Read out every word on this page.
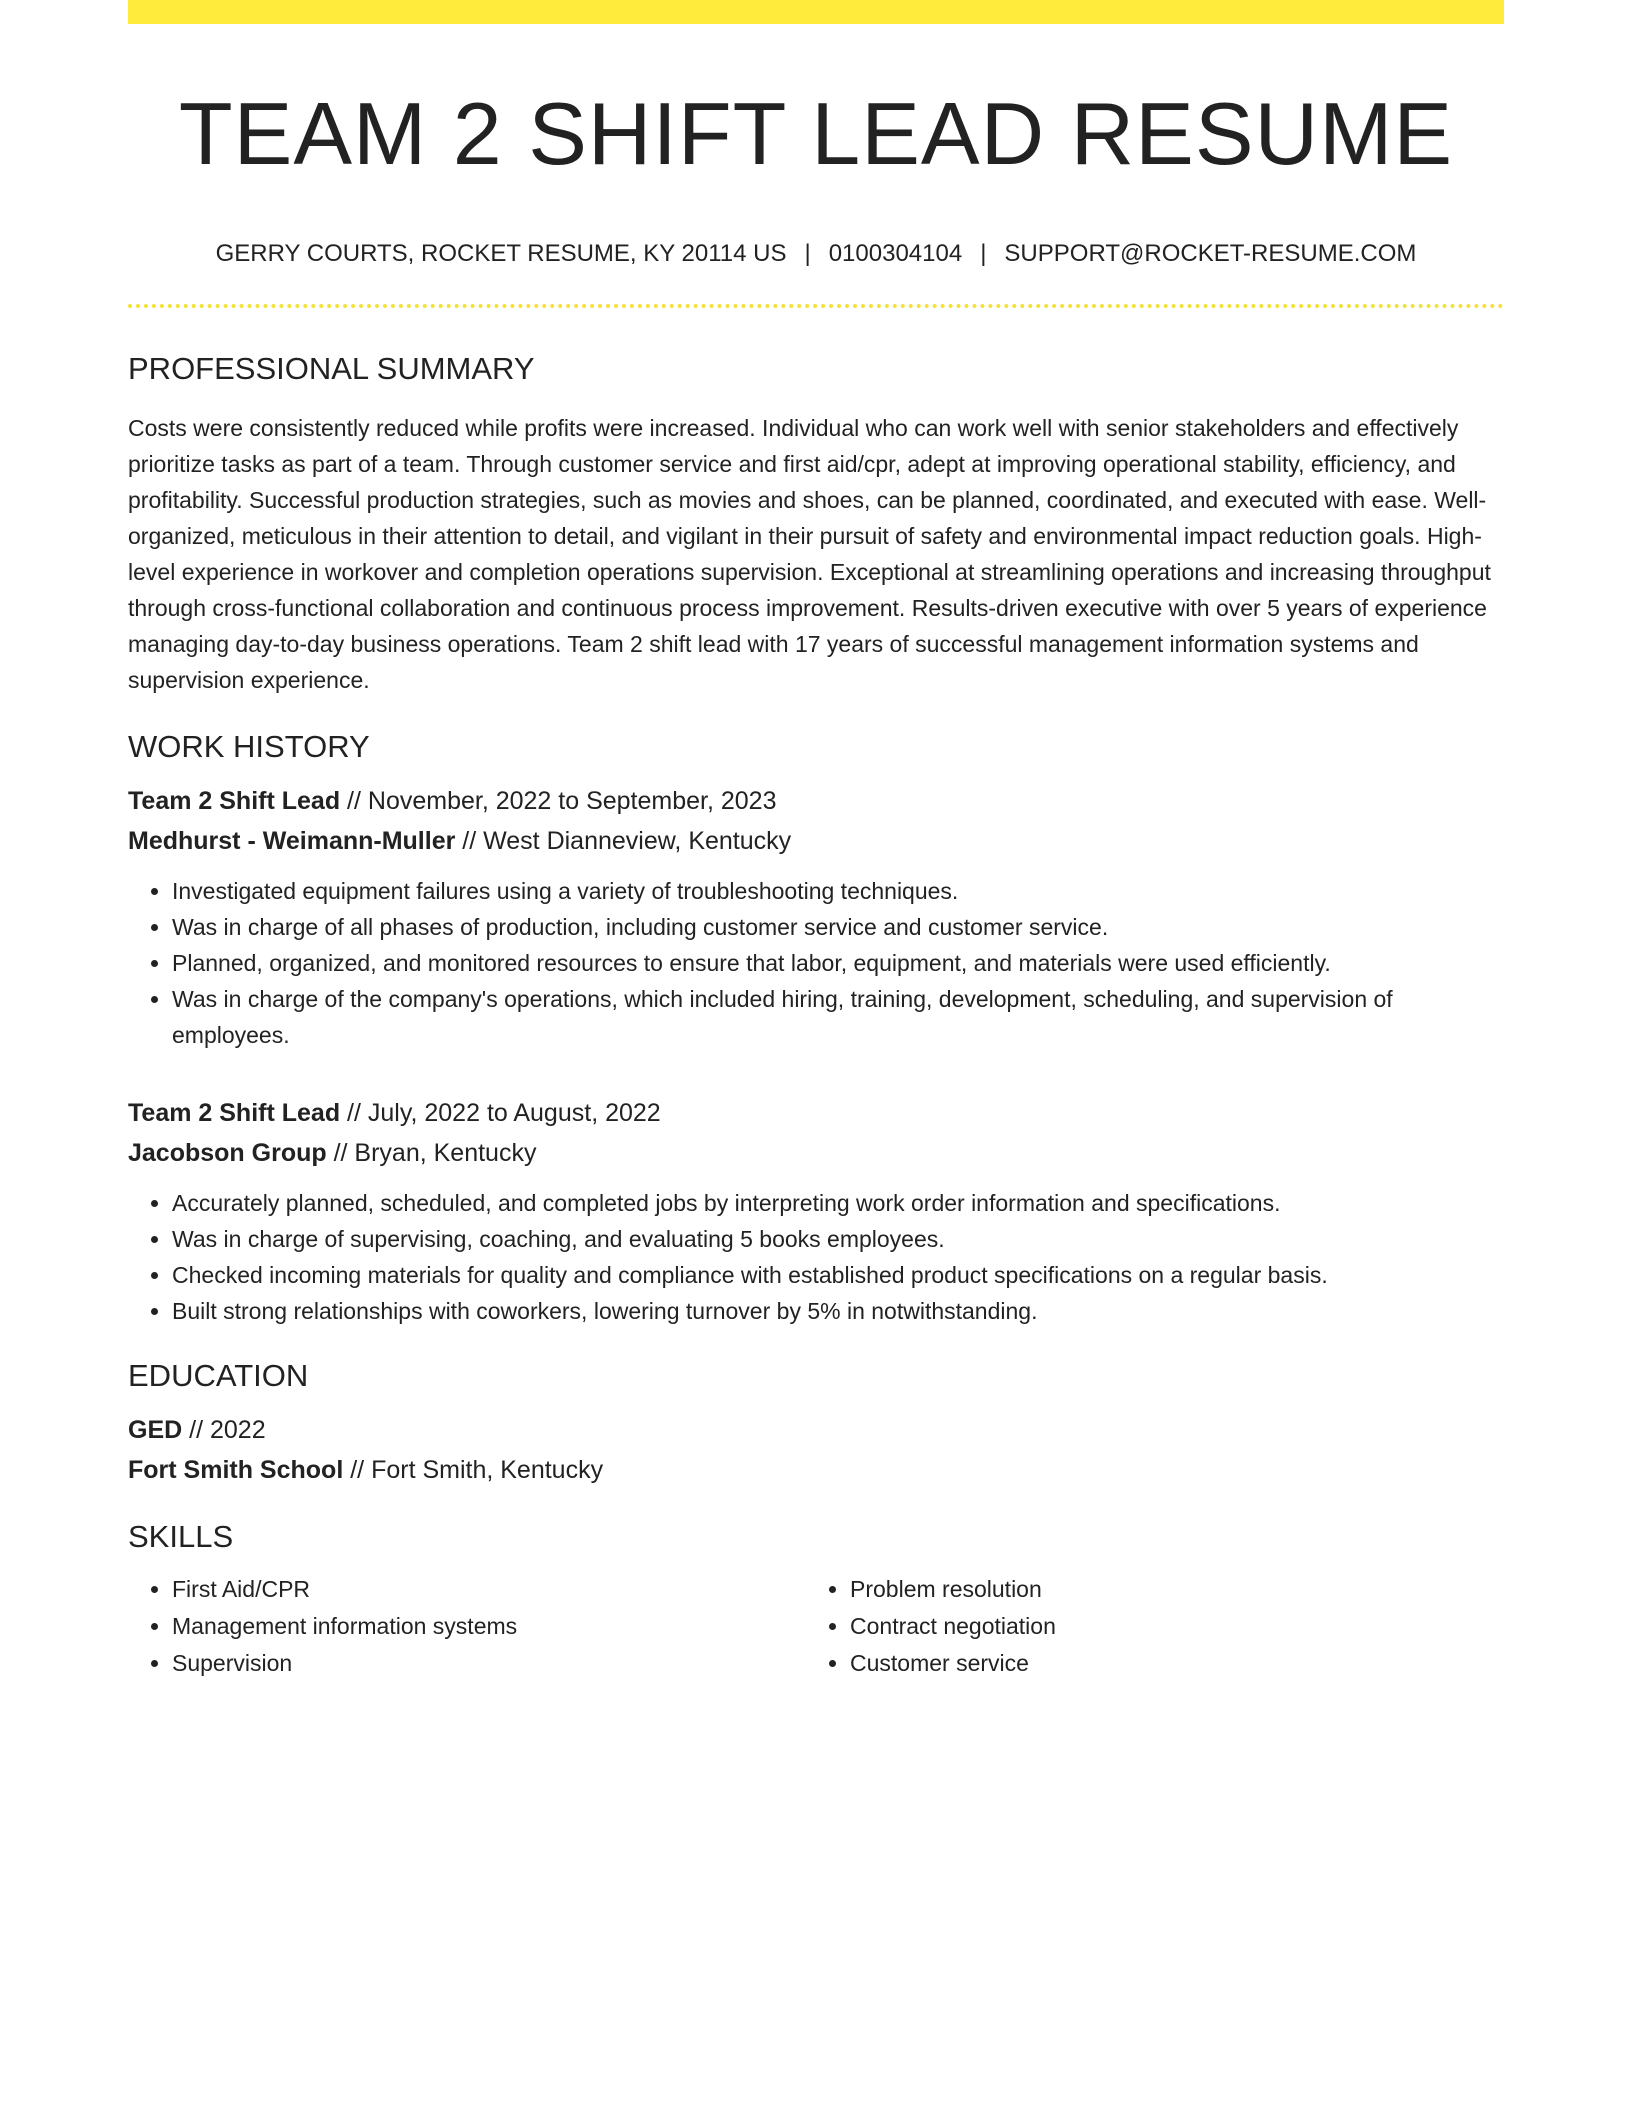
TEAM 2 SHIFT LEAD RESUME
GERRY COURTS, ROCKET RESUME, KY 20114 US | 0100304104 | SUPPORT@ROCKET-RESUME.COM
PROFESSIONAL SUMMARY

Costs were consistently reduced while profits were increased. Individual who can work well with senior stakeholders and effectively prioritize tasks as part of a team. Through customer service and first aid/cpr, adept at improving operational stability, efficiency, and profitability. Successful production strategies, such as movies and shoes, can be planned, coordinated, and executed with ease. Well-organized, meticulous in their attention to detail, and vigilant in their pursuit of safety and environmental impact reduction goals. High-level experience in workover and completion operations supervision. Exceptional at streamlining operations and increasing throughput through cross-functional collaboration and continuous process improvement. Results-driven executive with over 5 years of experience managing day-to-day business operations. Team 2 shift lead with 17 years of successful management information systems and supervision experience.

WORK HISTORY
Team 2 Shift Lead // November, 2022 to September, 2023
Medhurst - Weimann-Muller // West Dianneview, Kentucky
• Investigated equipment failures using a variety of troubleshooting techniques.
• Was in charge of all phases of production, including customer service and customer service.
• Planned, organized, and monitored resources to ensure that labor, equipment, and materials were used efficiently.
• Was in charge of the company's operations, which included hiring, training, development, scheduling, and supervision of employees.
Team 2 Shift Lead // July, 2022 to August, 2022
Jacobson Group // Bryan, Kentucky
• Accurately planned, scheduled, and completed jobs by interpreting work order information and specifications.
• Was in charge of supervising, coaching, and evaluating 5 books employees.
• Checked incoming materials for quality and compliance with established product specifications on a regular basis.
• Built strong relationships with coworkers, lowering turnover by 5% in notwithstanding.
EDUCATION
GED // 2022
Fort Smith School // Fort Smith, Kentucky
SKILLS
• First Aid/CPR
• Management information systems
• Supervision
• Problem resolution
• Contract negotiation
• Customer service
